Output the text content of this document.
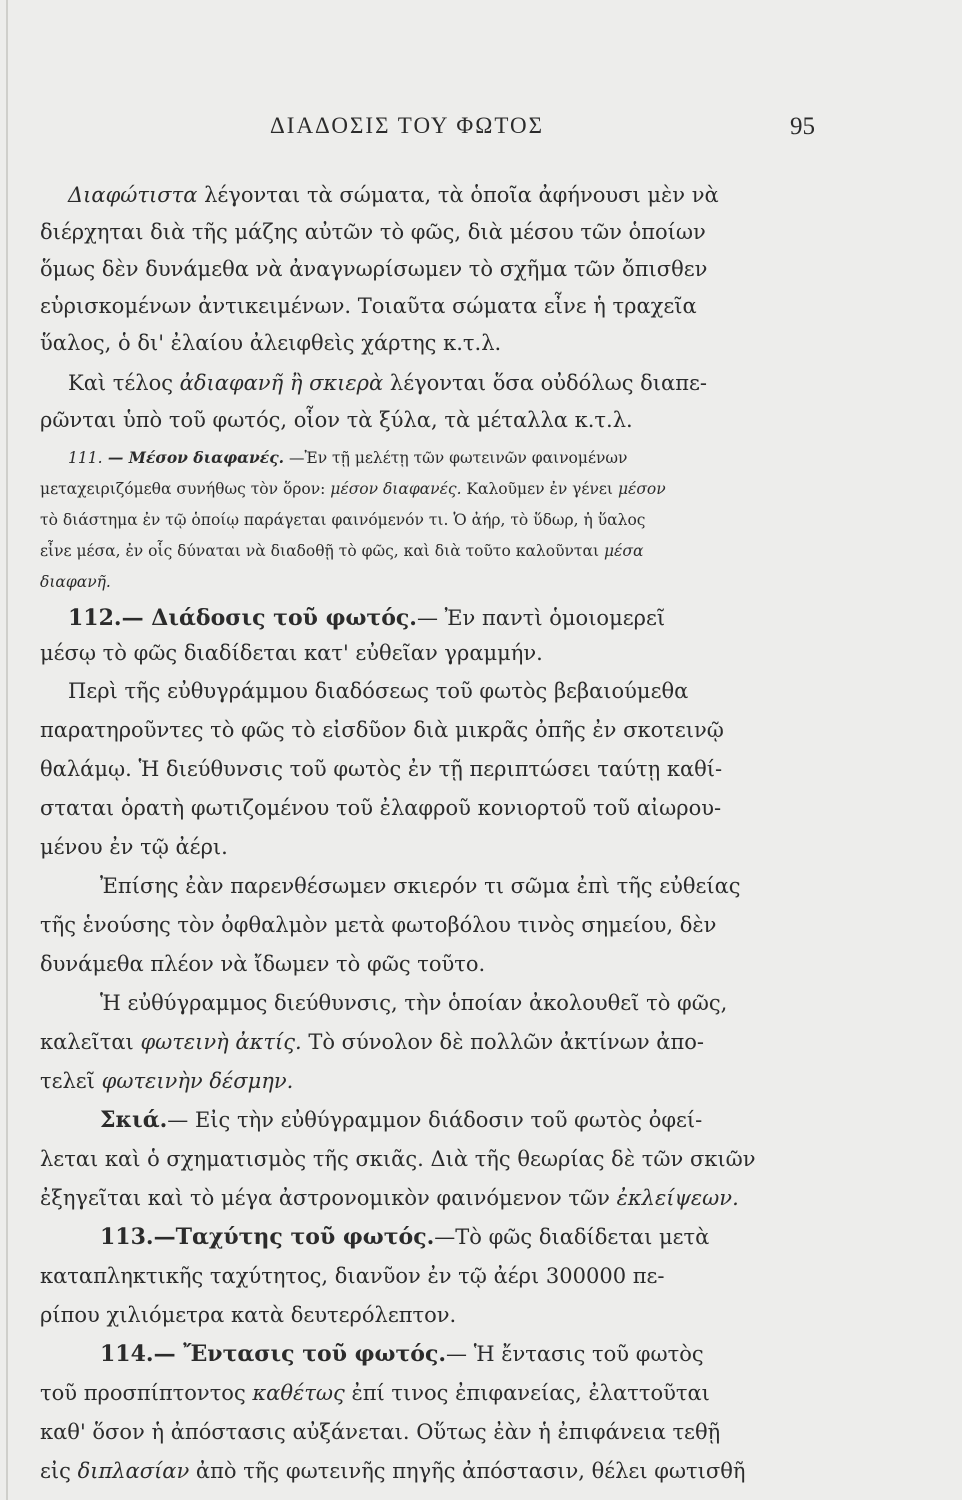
ΔΙΑΔΟΣΙΣ ΤΟΥ ΦΩΤΟΣ	95
Διαφώτιστα λέγονται τὰ σώματα, τὰ ὁποῖα ἀφήνουσι μὲν νὰ
διέρχηται διὰ τῆς μάζης αὐτῶν τὸ φῶς, διὰ μέσου τῶν ὁποίων
ὅμως δὲν δυνάμεθα νὰ ἀναγνωρίσωμεν τὸ σχῆμα τῶν ὄπισθεν
εὑρισκομένων ἀντικειμένων. Τοιαῦτα σώματα εἶνε ἡ τραχεῖα
ὕαλος, ὁ δι' ἐλαίου ἀλειφθεὶς χάρτης κ.τ.λ.
Καὶ τέλος ἀδιαφανῆ ἢ σκιερὰ λέγονται ὅσα οὐδόλως διαπε-
ρῶνται ὑπὸ τοῦ φωτός, οἷον τὰ ξύλα, τὰ μέταλλα κ.τ.λ.
111. — Μέσον διαφανές. —Ἐν τῇ μελέτῃ τῶν φωτεινῶν φαινομένων
μεταχειριζόμεθα συνήθως τὸν ὅρον: μέσον διαφανές. Καλοῦμεν ἐν γένει μέσον
τὸ διάστημα ἐν τῷ ὁποίῳ παράγεται φαινόμενόν τι. Ὁ ἀήρ, τὸ ὕδωρ, ἡ ὕαλος
εἶνε μέσα, ἐν οἷς δύναται νὰ διαδοθῇ τὸ φῶς, καὶ διὰ τοῦτο καλοῦνται μέσα
διαφανῆ.
112.— Διάδοσις τοῦ φωτός.— Ἐν παντὶ ὁμοιομερεῖ
μέσῳ τὸ φῶς διαδίδεται κατ' εὐθεῖαν γραμμήν.
Περὶ τῆς εὐθυγράμμου διαδόσεως τοῦ φωτὸς βεβαιούμεθα
παρατηροῦντες τὸ φῶς τὸ εἰσδῦον διὰ μικρᾶς ὀπῆς ἐν σκοτεινῷ
θαλάμῳ. Ἡ διεύθυνσις τοῦ φωτὸς ἐν τῇ περιπτώσει ταύτῃ καθί-
σταται ὁρατὴ φωτιζομένου τοῦ ἐλαφροῦ κονιορτοῦ τοῦ αἰωρου-
μένου ἐν τῷ ἀέρι.
Ἐπίσης ἐὰν παρενθέσωμεν σκιερόν τι σῶμα ἐπὶ τῆς εὐθείας
τῆς ἑνούσης τὸν ὀφθαλμὸν μετὰ φωτοβόλου τινὸς σημείου, δὲν
δυνάμεθα πλέον νὰ ἴδωμεν τὸ φῶς τοῦτο.
Ἡ εὐθύγραμμος διεύθυνσις, τὴν ὁποίαν ἀκολουθεῖ τὸ φῶς,
καλεῖται φωτεινὴ ἀκτίς. Τὸ σύνολον δὲ πολλῶν ἀκτίνων ἀπο-
τελεῖ φωτεινὴν δέσμην.
Σκιά.— Εἰς τὴν εὐθύγραμμον διάδοσιν τοῦ φωτὸς ὀφεί-
λεται καὶ ὁ σχηματισμὸς τῆς σκιᾶς. Διὰ τῆς θεωρίας δὲ τῶν σκιῶν
ἐξηγεῖται καὶ τὸ μέγα ἀστρονομικὸν φαινόμενον τῶν ἐκλείψεων.
113.—Ταχύτης τοῦ φωτός.—Τὸ φῶς διαδίδεται μετὰ
καταπληκτικῆς ταχύτητος, διανῦον ἐν τῷ ἀέρι 300000 πε-
ρίπου χιλιόμετρα κατὰ δευτερόλεπτον.
114.— Ἔντασις τοῦ φωτός.— Ἡ ἔντασις τοῦ φωτὸς
τοῦ προσπίπτοντος καθέτως ἐπί τινος ἐπιφανείας, ἐλαττοῦται
καθ' ὅσον ἡ ἀπόστασις αὐξάνεται. Οὕτως ἐὰν ἡ ἐπιφάνεια τεθῇ
εἰς διπλασίαν ἀπὸ τῆς φωτεινῆς πηγῆς ἀπόστασιν, θέλει φωτισθῆ
